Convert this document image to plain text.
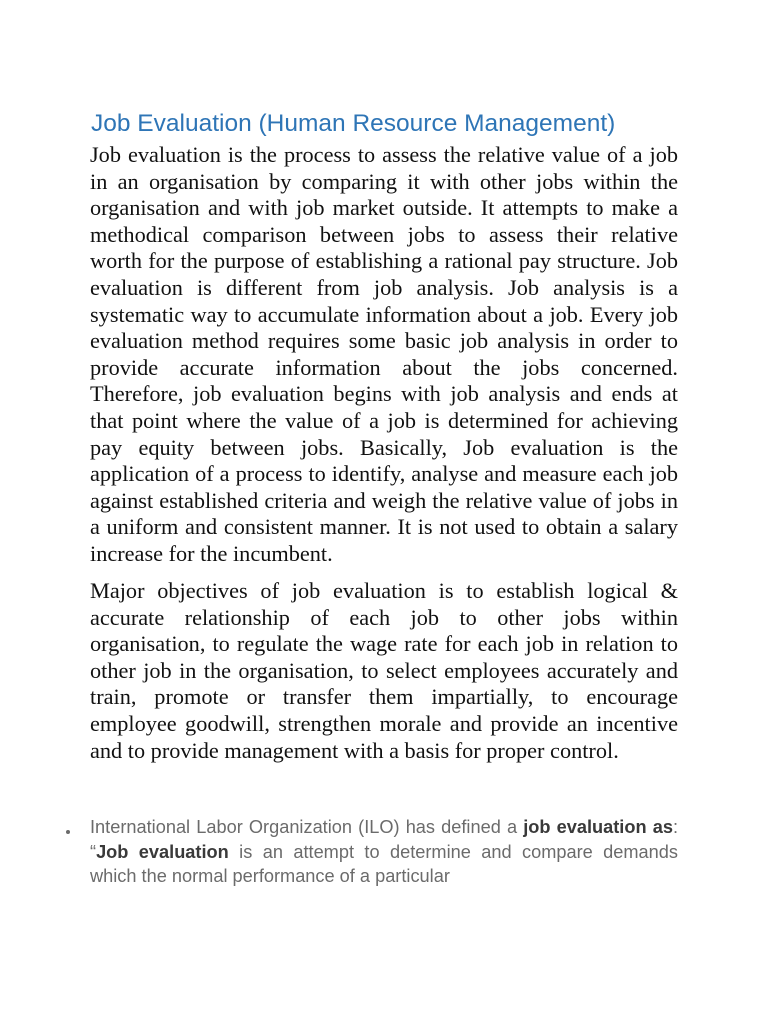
Job Evaluation (Human Resource Management)

Job evaluation is the process to assess the relative value of a job in an organisation by comparing it with other jobs within the organisation and with job market outside. It attempts to make a methodical comparison between jobs to assess their relative worth for the purpose of establishing a rational pay structure. Job evaluation is different from job analysis. Job analysis is a systematic way to accumulate information about a job. Every job evaluation method requires some basic job analysis in order to provide accurate information about the jobs concerned. Therefore, job evaluation begins with job analysis and ends at that point where the value of a job is determined for achieving pay equity between jobs. Basically, Job evaluation is the application of a process to identify, analyse and measure each job against established criteria and weigh the relative value of jobs in a uniform and consistent manner. It is not used to obtain a salary increase for the incumbent.

Major objectives of job evaluation is to establish logical & accurate relationship of each job to other jobs within organisation, to regulate the wage rate for each job in relation to other job in the organisation, to select employees accurately and train, promote or transfer them impartially, to encourage employee goodwill, strengthen morale and provide an incentive and to provide management with a basis for proper control.

International Labor Organization (ILO) has defined a job evaluation as: “Job evaluation is an attempt to determine and compare demands which the normal performance of a particular
